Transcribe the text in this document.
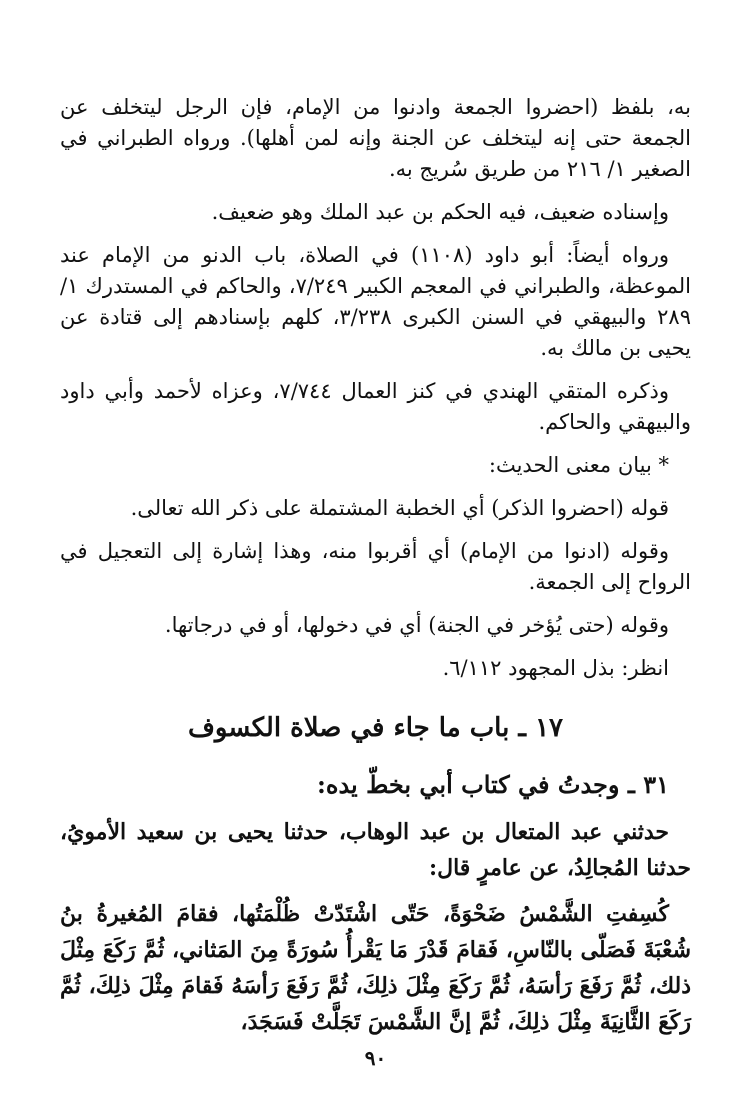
به، بلفظ (احضروا الجمعة وادنوا من الإمام، فإن الرجل ليتخلف عن الجمعة حتى إنه ليتخلف عن الجنة وإنه لمن أهلها). ورواه الطبراني في الصغير ١/ ٢١٦ من طريق سُريج به.

وإسناده ضعيف، فيه الحكم بن عبد الملك وهو ضعيف.

ورواه أيضاً: أبو داود (١١٠٨) في الصلاة، باب الدنو من الإمام عند الموعظة، والطبراني في المعجم الكبير ٧/٢٤٩، والحاكم في المستدرك ١/ ٢٨٩ والبيهقي في السنن الكبرى ٣/٢٣٨، كلهم بإسنادهم إلى قتادة عن يحيى بن مالك به.

وذكره المتقي الهندي في كنز العمال ٧/٧٤٤، وعزاه لأحمد وأبي داود والبيهقي والحاكم.

* بيان معنى الحديث:

قوله (احضروا الذكر) أي الخطبة المشتملة على ذكر الله تعالى.

وقوله (ادنوا من الإمام) أي أقربوا منه، وهذا إشارة إلى التعجيل في الرواح إلى الجمعة.

وقوله (حتى يُؤخر في الجنة) أي في دخولها، أو في درجاتها.

انظر: بذل المجهود ٦/١١٢.

١٧ ـ باب ما جاء في صلاة الكسوف

٣١ ـ وجدتُ في كتاب أبي بخطّ يده:

حدثني عبد المتعال بن عبد الوهاب، حدثنا يحيى بن سعيد الأمويُ، حدثنا المُجالِدُ، عن عامرٍ قال:

كُسِفتِ الشَّمْسُ ضَحْوَةً، حَتّى اشْتَدّتْ ظُلْمَتُها، فقامَ المُغيرةُ بنُ شُعْبَةَ فَصَلّى بالنّاسِ، فَقامَ قَدْرَ مَا يَقْرأُ سُورَةً مِنَ المَثاني، ثُمَّ رَكَعَ مِثْلَ ذلك، ثُمَّ رَفَعَ رَأسَهُ، ثُمَّ رَكَعَ مِثْلَ ذلِكَ، ثُمَّ رَفَعَ رَأسَهُ فَقامَ مِثْلَ ذلِكَ، ثُمَّ رَكَعَ الثَّانِيَةَ مِثْلَ ذلِكَ، ثُمَّ إنَّ الشَّمْسَ تَجَلَّتْ فَسَجَدَ،

٩٠
